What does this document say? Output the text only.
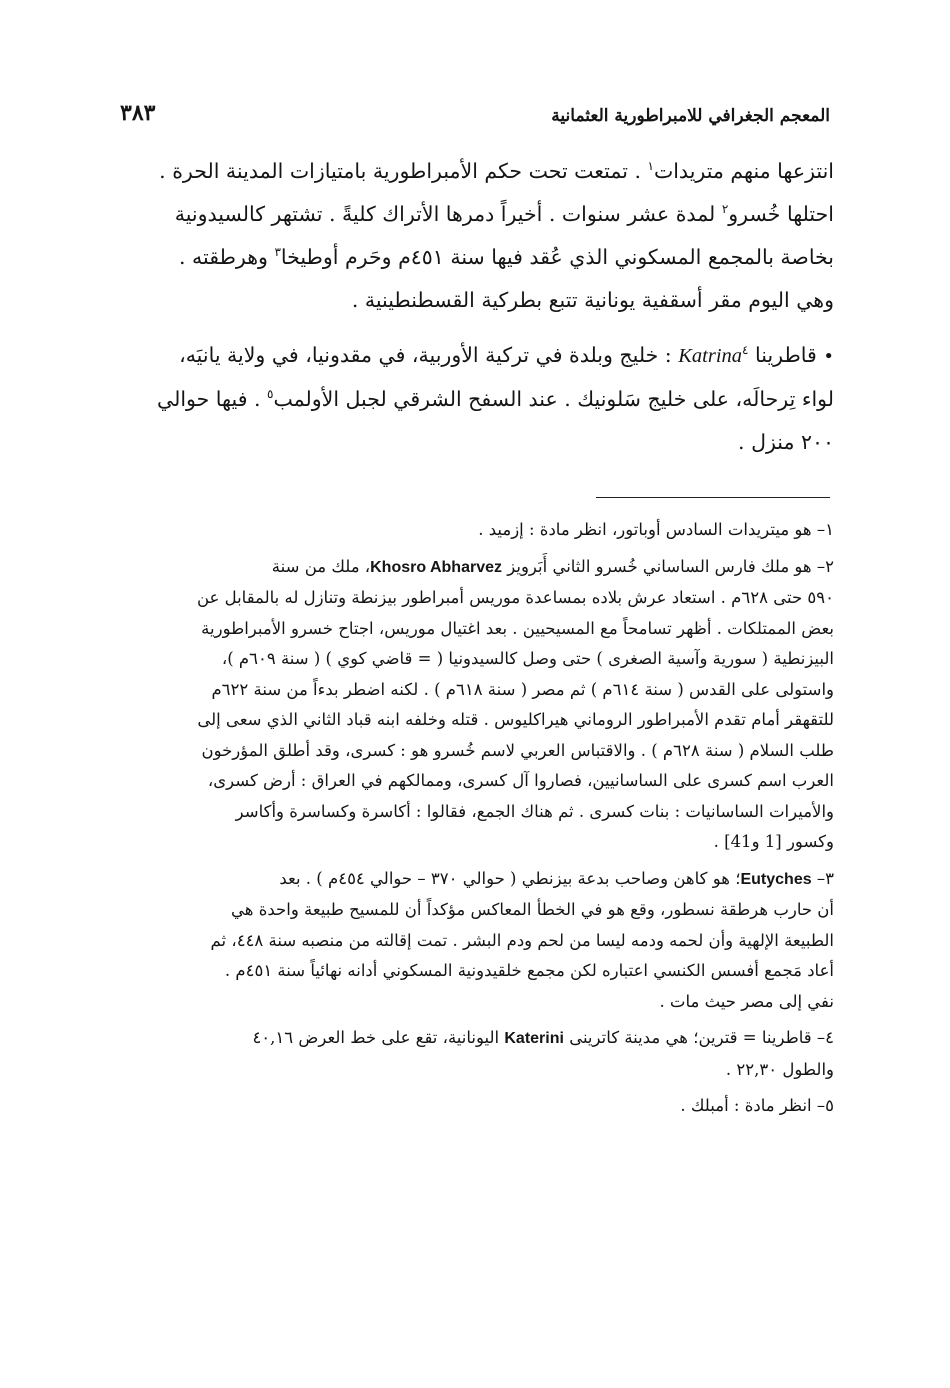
المعجم الجغرافي للامبراطورية العثمانية
٣٨٣
انتزعها منهم متريدات$^١$ . تمتعت تحت حكم الأمبراطورية بامتيازات المدينة الحرة .
احتلها خُسرو$^٢$ لمدة عشر سنوات . أخيراً دمرها الأتراك كليةً . تشتهر كالسيدونية
بخاصة بالمجمع المسكوني الذي عُقد فيها سنة ٤٥١م وحَرم أوطيخا$^٣$ وهرطقته .
وهي اليوم مقر أسقفية يونانية تتبع بطركية القسطنطينية .
• قاطرينا Katrina$^٤$ : خليج وبلدة في تركية الأوربية، في مقدونيا، في ولاية يانيَه،
لواء تِرحالَه، على خليج سَلونيك . عند السفح الشرقي لجبل الأولمب$^٥$ . فيها حوالي
٢٠٠ منزل .
١– هو ميتريدات السادس أوباتور، انظر مادة : إزميد .
٢– هو ملك فارس الساساني خُسرو الثاني أَبَرويز Khosro Abharvez، ملك من سنة
٥٩٠ حتى ٦٢٨م . استعاد عرش بلاده بمساعدة موريس أمبراطور بيزنطة وتنازل له بالمقابل عن
بعض الممتلكات . أظهر تسامحاً مع المسيحيين . بعد اغتيال موريس، اجتاح خسرو الأمبراطورية
البيزنطية ( سورية وآسية الصغرى ) حتى وصل كالسيدونيا ( = قاضي كوي ) ( سنة ٦٠٩م )،
واستولى على القدس ( سنة ٦١٤م ) ثم مصر ( سنة ٦١٨م ) . لكنه اضطر بدءاً من سنة ٦٢٢م
للتقهقر أمام تقدم الأمبراطور الروماني هيراكليوس . قتله وخلفه ابنه قباد الثاني الذي سعى إلى
طلب السلام ( سنة ٦٢٨م ) . والاقتباس العربي لاسم خُسرو هو : كسرى، وقد أطلق المؤرخون
العرب اسم كسرى على الساسانيين، فصاروا آل كسرى، وممالكهم في العراق : أرض كسرى،
والأميرات الساسانيات : بنات كسرى . ثم هناك الجمع، فقالوا : أكاسرة وكساسرة وأكاسر
وكسور [1 و41] .
٣– Eutyches؛ هو كاهن وصاحب بدعة بيزنطي ( حوالي ٣٧٠ – حوالي ٤٥٤م ) . بعد
أن حارب هرطقة نسطور، وقع هو في الخطأ المعاكس مؤكداً أن للمسيح طبيعة واحدة هي
الطبيعة الإلهية وأن لحمه ودمه ليسا من لحم ودم البشر . تمت إقالته من منصبه سنة ٤٤٨، ثم
أعاد مَجمع أفسس الكنسي اعتباره لكن مجمع خلقيدونية المسكوني أدانه نهائياً سنة ٤٥١م .
نفي إلى مصر حيث مات .
٤– قاطرينا = قترين؛ هي مدينة كاترينى Katerini اليونانية، تقع على خط العرض ٤٠,١٦
والطول ٢٢,٣٠ .
٥– انظر مادة : أمبلك .
